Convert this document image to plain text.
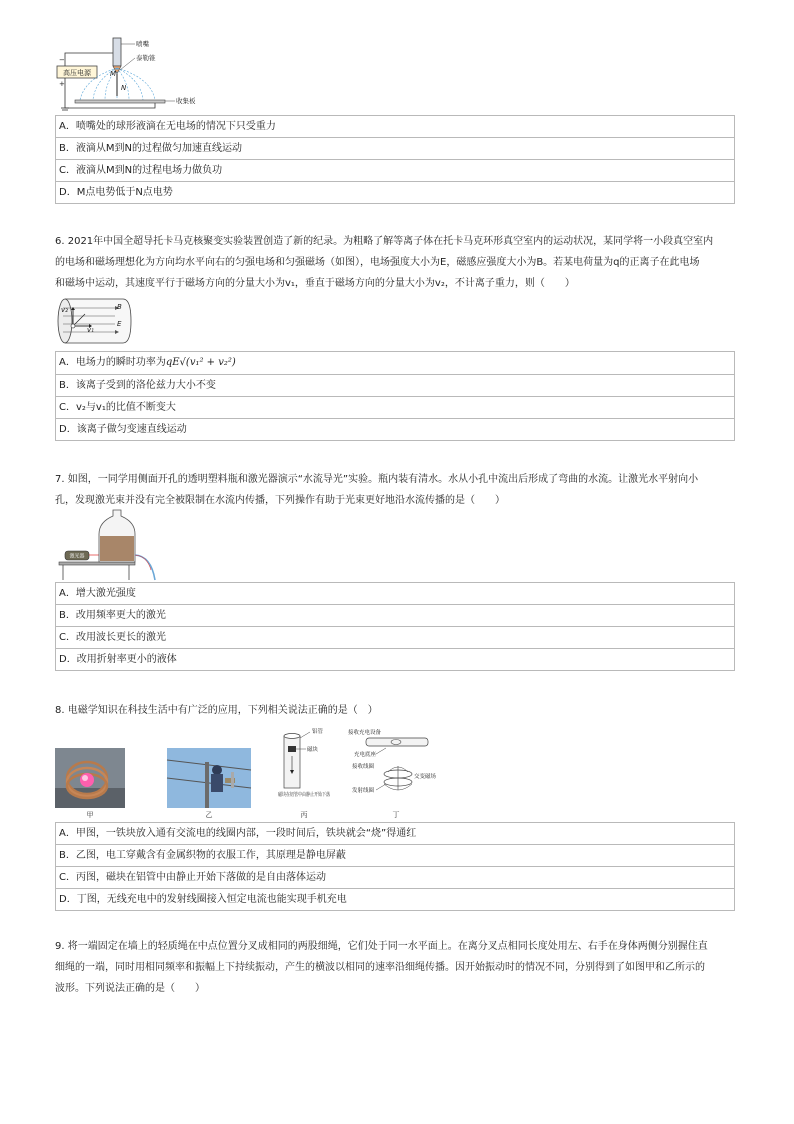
高压电源
−
+
M
N
喷嘴
泰勒锥
收集板
A．喷嘴处的球形液滴在无电场的情况下只受重力
B．液滴从M到N的过程做匀加速直线运动
C．液滴从M到N的过程电场力做负功
D．M点电势低于N点电势
6. 2021年中国全超导托卡马克核聚变实验装置创造了新的纪录。为粗略了解等离子体在托卡马克环形真空室内的运动状况，某同学将一小段真空室内
的电场和磁场理想化为方向均水平向右的匀强电场和匀强磁场（如图），电场强度大小为E，磁感应强度大小为B。若某电荷量为q的正离子在此电场
和磁场中运动，其速度平行于磁场方向的分量大小为v₁，垂直于磁场方向的分量大小为v₂，不计离子重力，则（　　）
v₁
v₂	B
E
A．电场力的瞬时功率为qE√(v₁² + v₂²)
B．该离子受到的洛伦兹力大小不变
C．v₂与v₁的比值不断变大
D．该离子做匀变速直线运动
7. 如图，一同学用侧面开孔的透明塑料瓶和激光器演示“水流导光”实验。瓶内装有清水。水从小孔中流出后形成了弯曲的水流。让激光水平射向小
孔，发现激光束并没有完全被限制在水流内传播，下列操作有助于光束更好地沿水流传播的是（　　）
激光器
A．增大激光强度
B．改用频率更大的激光
C．改用波长更长的激光
D．改用折射率更小的液体
8. 电磁学知识在科技生活中有广泛的应用，下列相关说法正确的是（　）
甲	乙
铝管
磁块
磁块在铝管中由静止开始下落
丙
接收充电设备
充电底座
接收线圈
交变磁场
发射线圈
丁
A．甲图，一铁块放入通有交流电的线圈内部，一段时间后，铁块就会“烧”得通红
B．乙图，电工穿戴含有金属织物的衣服工作，其原理是静电屏蔽
C．丙图，磁块在铝管中由静止开始下落做的是自由落体运动
D．丁图，无线充电中的发射线圈接入恒定电流也能实现手机充电
9. 将一端固定在墙上的轻质绳在中点位置分叉成相同的两股细绳，它们处于同一水平面上。在离分叉点相同长度处用左、右手在身体两侧分别握住直
细绳的一端，同时用相同频率和振幅上下持续振动，产生的横波以相同的速率沿细绳传播。因开始振动时的情况不同，分别得到了如图甲和乙所示的
波形。下列说法正确的是（　　）
